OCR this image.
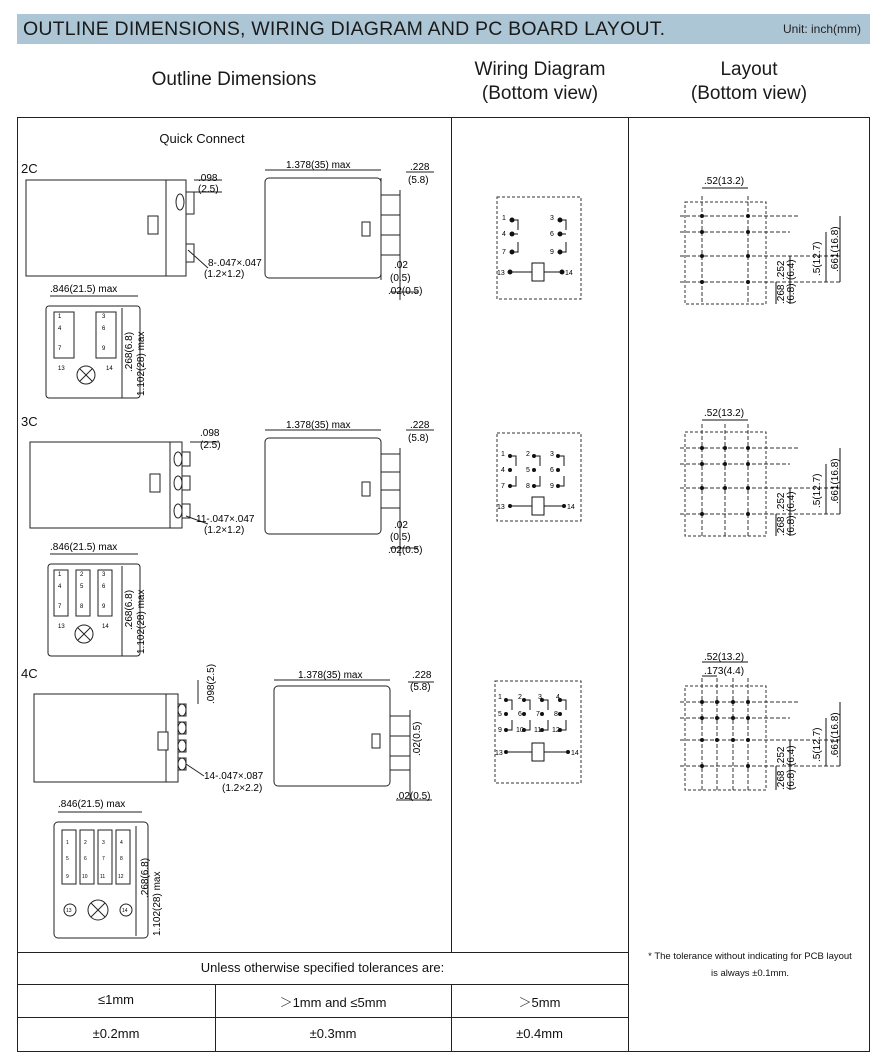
OUTLINE DIMENSIONS, WIRING DIAGRAM AND PC BOARD LAYOUT.	Unit: inch(mm)
Outline Dimensions	Wiring Diagram
(Bottom view)
Layout
(Bottom view)
Quick Connect
2C
3C
4C
.098
(2.5)
8-.047×.047
(1.2×1.2)
1.378(35) max	.228
(5.8)
.02
(0.5)
.02(0.5)
.846(21.5) max
1	3
4	6
7	9
13	14 .268(6.8) 1.102(28) max
.098
(2.5)
11-.047×.047
(1.2×1.2)
1.378(35) max	.228
(5.8)
.02
(0.5)
.02(0.5)
.846(21.5) max
1	2	3
4	5	6
7	8	9
13	14 .268(6.8) 1.102(28) max
.098(2.5)
14-.047×.087
(1.2×2.2)
1.378(35) max	.228
(5.8)
.02(0.5)
.02(0.5)
.846(21.5) max
1	2	3	4
5	6	7	8
9	10 11	12
13	14
.268(6.8) 1.102(28) max
1	3
4	6
7	9
13	14
1	2	3
4	5	6
7	8	9
13	14
1 2 3 4
5 6 7 8
9 10 11 12
13	14
.52(13.2)
.661(16.8)
.5(12.7)
.252 (6.4)
.268 (6.8)
.52(13.2)
.661(16.8)
.5(12.7)
.252 (6.4)
.268 (6.8)
.52(13.2)
.173(4.4)
.661(16.8)
.5(12.7)
.252 (6.4)
.268 (6.8)
Unless otherwise specified tolerances are:
≤1mm	＞1mm and ≤5mm	＞5mm
±0.2mm	±0.3mm	±0.4mm
* The tolerance without indicating for PCB layout
is always ±0.1mm.
